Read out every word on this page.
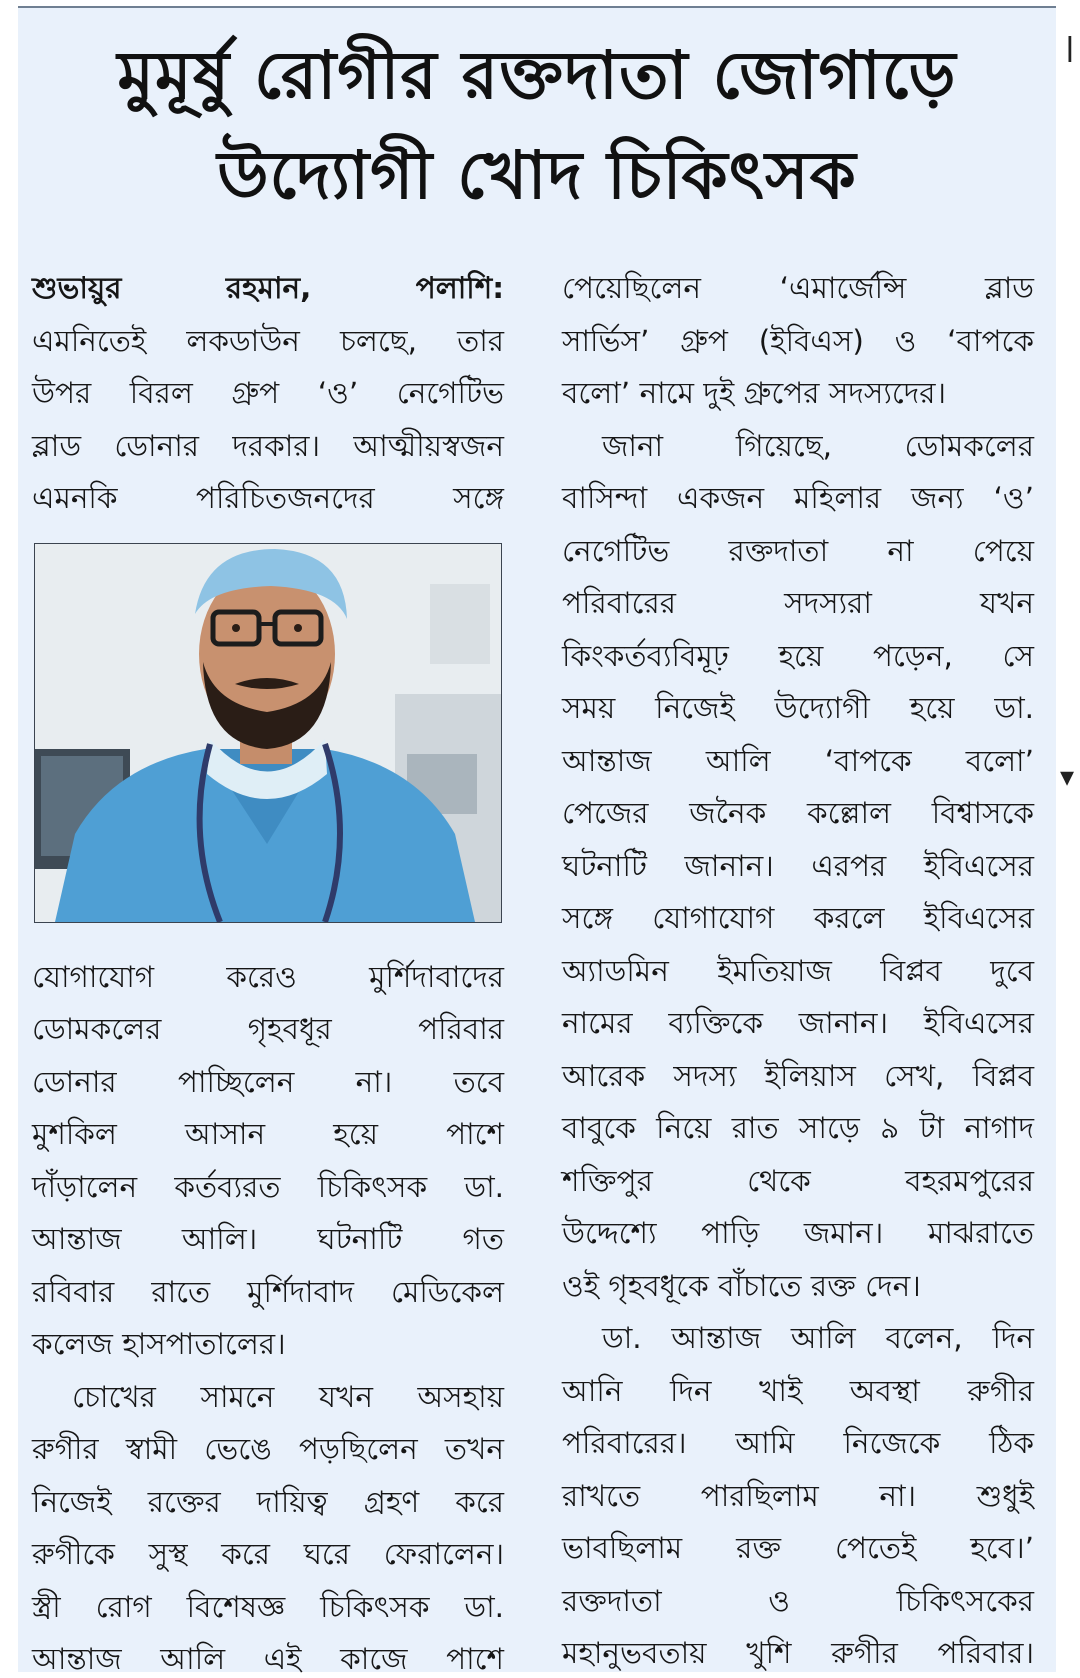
মুমূর্ষু রোগীর রক্তদাতা জোগাড়ে
উদ্যোগী খোদ চিকিৎসক

শুভায়ুর রহমান, পলাশি:

এমনিতেই লকডাউন চলছে, তার

উপর বিরল গ্রুপ ‘ও’ নেগেটিভ

ব্লাড ডোনার দরকার। আত্মীয়স্বজন

এমনকি পরিচিতজনদের সঙ্গে

যোগাযোগ করেও মুর্শিদাবাদের

ডোমকলের গৃহবধূর পরিবার

ডোনার পাচ্ছিলেন না। তবে

মুশকিল আসান হয়ে পাশে

দাঁড়ালেন কর্তব্যরত চিকিৎসক ডা.

আন্তাজ আলি। ঘটনাটি গত

রবিবার রাতে মুর্শিদাবাদ মেডিকেল

কলেজ হাসপাতালের।

চোখের সামনে যখন অসহায়

রুগীর স্বামী ভেঙে পড়ছিলেন তখন

নিজেই রক্তের দায়িত্ব গ্রহণ করে

রুগীকে সুস্থ করে ঘরে ফেরালেন।

স্ত্রী রোগ বিশেষজ্ঞ চিকিৎসক ডা.

আন্তাজ আলি এই কাজে পাশে

পেয়েছিলেন ‘এমার্জেন্সি ব্লাড

সার্ভিস’ গ্রুপ (ইবিএস) ও ‘বাপকে

বলো’ নামে দুই গ্রুপের সদস্যদের।

জানা গিয়েছে, ডোমকলের

বাসিন্দা একজন মহিলার জন্য ‘ও’

নেগেটিভ রক্তদাতা না পেয়ে

পরিবারের সদস্যরা যখন

কিংকর্তব্যবিমূঢ় হয়ে পড়েন, সে

সময় নিজেই উদ্যোগী হয়ে ডা.

আন্তাজ আলি ‘বাপকে বলো’

পেজের জনৈক কল্লোল বিশ্বাসকে

ঘটনাটি জানান। এরপর ইবিএসের

সঙ্গে যোগাযোগ করলে ইবিএসের

অ্যাডমিন ইমতিয়াজ বিপ্লব দুবে

নামের ব্যক্তিকে জানান। ইবিএসের

আরেক সদস্য ইলিয়াস সেখ, বিপ্লব

বাবুকে নিয়ে রাত সাড়ে ৯ টা নাগাদ

শক্তিপুর থেকে বহরমপুরের

উদ্দেশ্যে পাড়ি জমান। মাঝরাতে

ওই গৃহবধূকে বাঁচাতে রক্ত দেন।

ডা. আন্তাজ আলি বলেন, দিন

আনি দিন খাই অবস্থা রুগীর

পরিবারের। আমি নিজেকে ঠিক

রাখতে পারছিলাম না। শুধুই

ভাবছিলাম রক্ত পেতেই হবে।’

রক্তদাতা ও চিকিৎসকের

মহানুভবতায় খুশি রুগীর পরিবার।

ǀ
▾
